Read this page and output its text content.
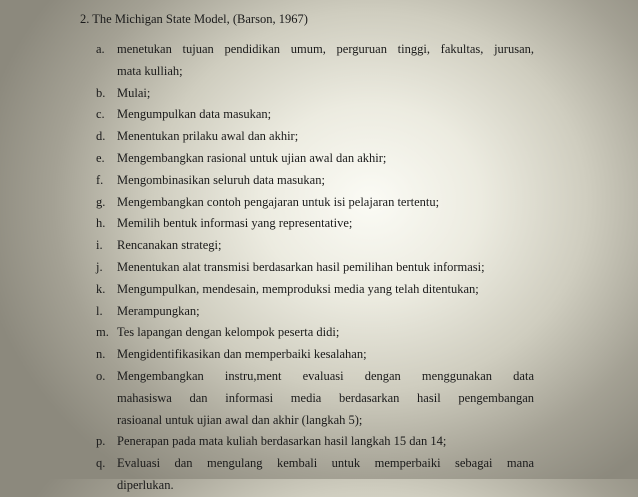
2. The Michigan State Model, (Barson, 1967)
a. menetukan tujuan pendidikan umum, perguruan tinggi, fakultas, jurusan,
mata kulliah;
b. Mulai;
c. Mengumpulkan data masukan;
d. Menentukan prilaku awal dan akhir;
e. Mengembangkan rasional untuk ujian awal dan akhir;
f.	Mengombinasikan seluruh data masukan;
g. Mengembangkan contoh pengajaran untuk isi pelajaran tertentu;
h. Memilih bentuk informasi yang representative;
i.	Rencanakan strategi;
j.	Menentukan alat transmisi berdasarkan hasil pemilihan bentuk informasi;
k. Mengumpulkan, mendesain, memproduksi media yang telah ditentukan;
l.	Merampungkan;
m. Tes lapangan dengan kelompok peserta didi;
n. Mengidentifikasikan dan memperbaiki kesalahan;
o. Mengembangkan instru,ment evaluasi dengan menggunakan data
mahasiswa dan informasi media berdasarkan hasil pengembangan
rasioanal untuk ujian awal dan akhir (langkah 5);
p. Penerapan pada mata kuliah berdasarkan hasil langkah 15 dan 14;
q. Evaluasi dan mengulang kembali untuk memperbaiki sebagai mana
diperlukan.
